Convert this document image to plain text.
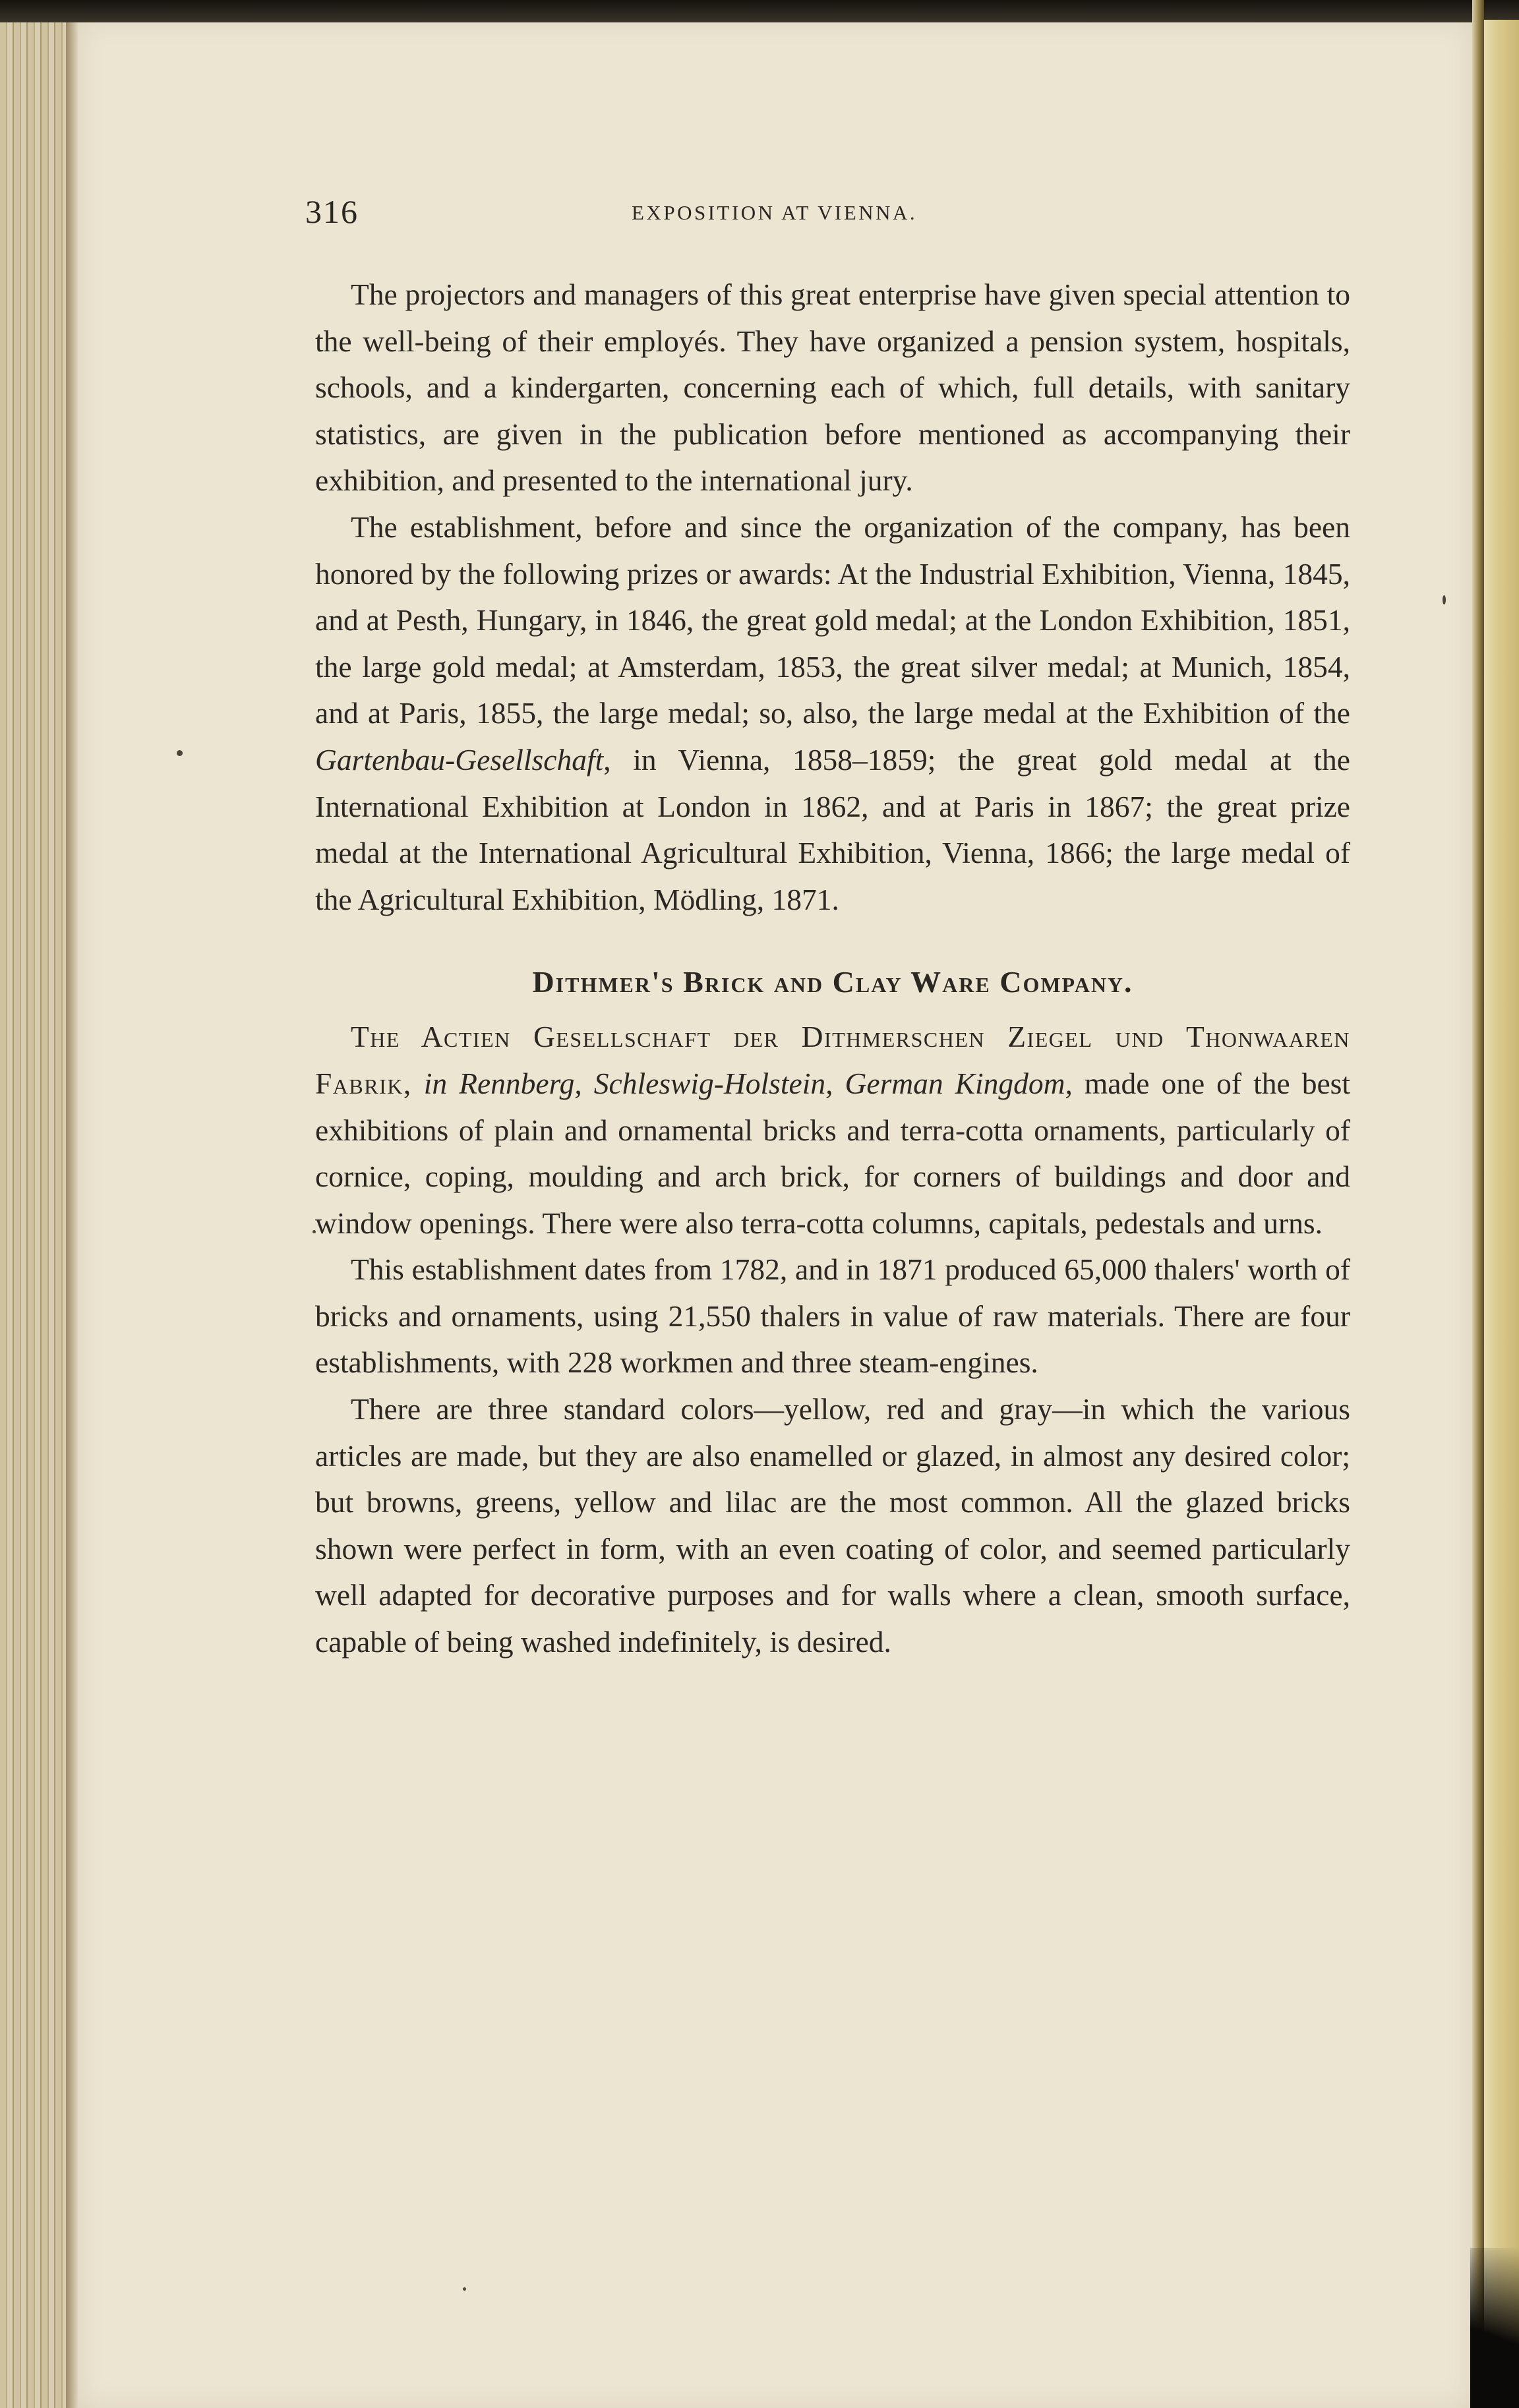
316	EXPOSITION AT VIENNA.

The projectors and managers of this great enterprise have given special attention to the well-being of their employés. They have organized a pension system, hospitals, schools, and a kindergarten, concerning each of which, full details, with sanitary statistics, are given in the publication before mentioned as accompanying their exhibition, and presented to the international jury.

The establishment, before and since the organization of the company, has been honored by the following prizes or awards: At the Industrial Exhibition, Vienna, 1845, and at Pesth, Hungary, in 1846, the great gold medal; at the London Exhibition, 1851, the large gold medal; at Amsterdam, 1853, the great silver medal; at Munich, 1854, and at Paris, 1855, the large medal; so, also, the large medal at the Exhibition of the Gartenbau-Gesellschaft, in Vienna, 1858–1859; the great gold medal at the International Exhibition at London in 1862, and at Paris in 1867; the great prize medal at the International Agricultural Exhibition, Vienna, 1866; the large medal of the Agricultural Exhibition, Mödling, 1871.

Dithmer's Brick and Clay Ware Company.

The Actien Gesellschaft der Dithmerschen Ziegel und Thonwaaren Fabrik, in Rennberg, Schleswig-Holstein, German Kingdom, made one of the best exhibitions of plain and ornamental bricks and terra-cotta ornaments, particularly of cornice, coping, moulding and arch brick, for corners of buildings and door and window openings. There were also terra-cotta columns, capitals, pedestals and urns.

This establishment dates from 1782, and in 1871 produced 65,000 thalers' worth of bricks and ornaments, using 21,550 thalers in value of raw materials. There are four establishments, with 228 workmen and three steam-engines.

There are three standard colors—yellow, red and gray—in which the various articles are made, but they are also enamelled or glazed, in almost any desired color; but browns, greens, yellow and lilac are the most common. All the glazed bricks shown were perfect in form, with an even coating of color, and seemed particularly well adapted for decorative purposes and for walls where a clean, smooth surface, capable of being washed indefinitely, is desired.
